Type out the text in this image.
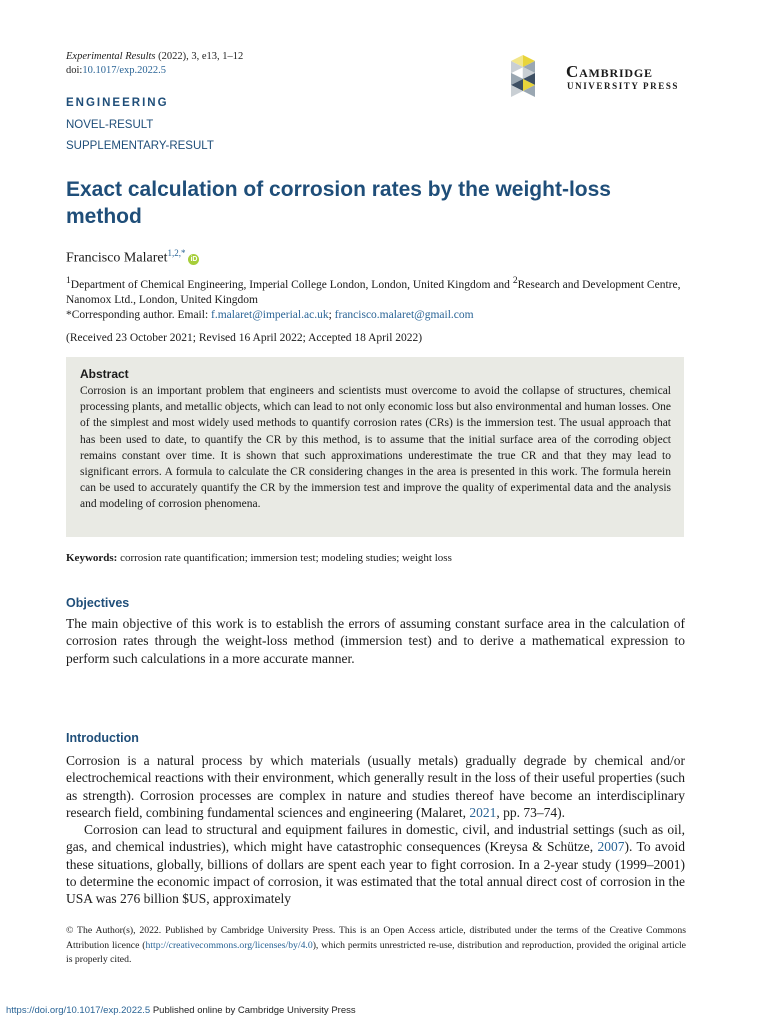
Experimental Results (2022), 3, e13, 1–12
doi:10.1017/exp.2022.5	Cambridge
UNIVERSITY PRESS
ENGINEERING
NOVEL-RESULT
SUPPLEMENTARY-RESULT
Exact calculation of corrosion rates by the weight-loss method
Francisco Malaret$^{1,2,*}$iD
$^1$Department of Chemical Engineering, Imperial College London, London, United Kingdom and $^2$Research and Development Centre, Nanomox Ltd., London, United Kingdom
*Corresponding author. Email: f.malaret@imperial.ac.uk; francisco.malaret@gmail.com
(Received 23 October 2021; Revised 16 April 2022; Accepted 18 April 2022)
Abstract

Corrosion is an important problem that engineers and scientists must overcome to avoid the collapse of structures, chemical processing plants, and metallic objects, which can lead to not only economic loss but also environmental and human losses. One of the simplest and most widely used methods to quantify corrosion rates (CRs) is the immersion test. The usual approach that has been used to date, to quantify the CR by this method, is to assume that the initial surface area of the corroding object remains constant over time. It is shown that such approximations underestimate the true CR and that they may lead to significant errors. A formula to calculate the CR considering changes in the area is presented in this work. The formula herein can be used to accurately quantify the CR by the immersion test and improve the quality of experimental data and the analysis and modeling of corrosion phenomena.

Keywords: corrosion rate quantification; immersion test; modeling studies; weight loss
Objectives

The main objective of this work is to establish the errors of assuming constant surface area in the calculation of corrosion rates through the weight-loss method (immersion test) and to derive a mathematical expression to perform such calculations in a more accurate manner.

Introduction

Corrosion is a natural process by which materials (usually metals) gradually degrade by chemical and/or electrochemical reactions with their environment, which generally result in the loss of their useful properties (such as strength). Corrosion processes are complex in nature and studies thereof have become an interdisciplinary research field, combining fundamental sciences and engineering (Malaret, 2021, pp. 73–74).

Corrosion can lead to structural and equipment failures in domestic, civil, and industrial settings (such as oil, gas, and chemical industries), which might have catastrophic consequences (Kreysa & Schütze, 2007). To avoid these situations, globally, billions of dollars are spent each year to fight corrosion. In a 2-year study (1999–2001) to determine the economic impact of corrosion, it was estimated that the total annual direct cost of corrosion in the USA was 276 billion $US, approximately

© The Author(s), 2022. Published by Cambridge University Press. This is an Open Access article, distributed under the terms of the Creative Commons Attribution licence (http://creativecommons.org/licenses/by/4.0), which permits unrestricted re-use, distribution and reproduction, provided the original article is properly cited.

https://doi.org/10.1017/exp.2022.5 Published online by Cambridge University Press
